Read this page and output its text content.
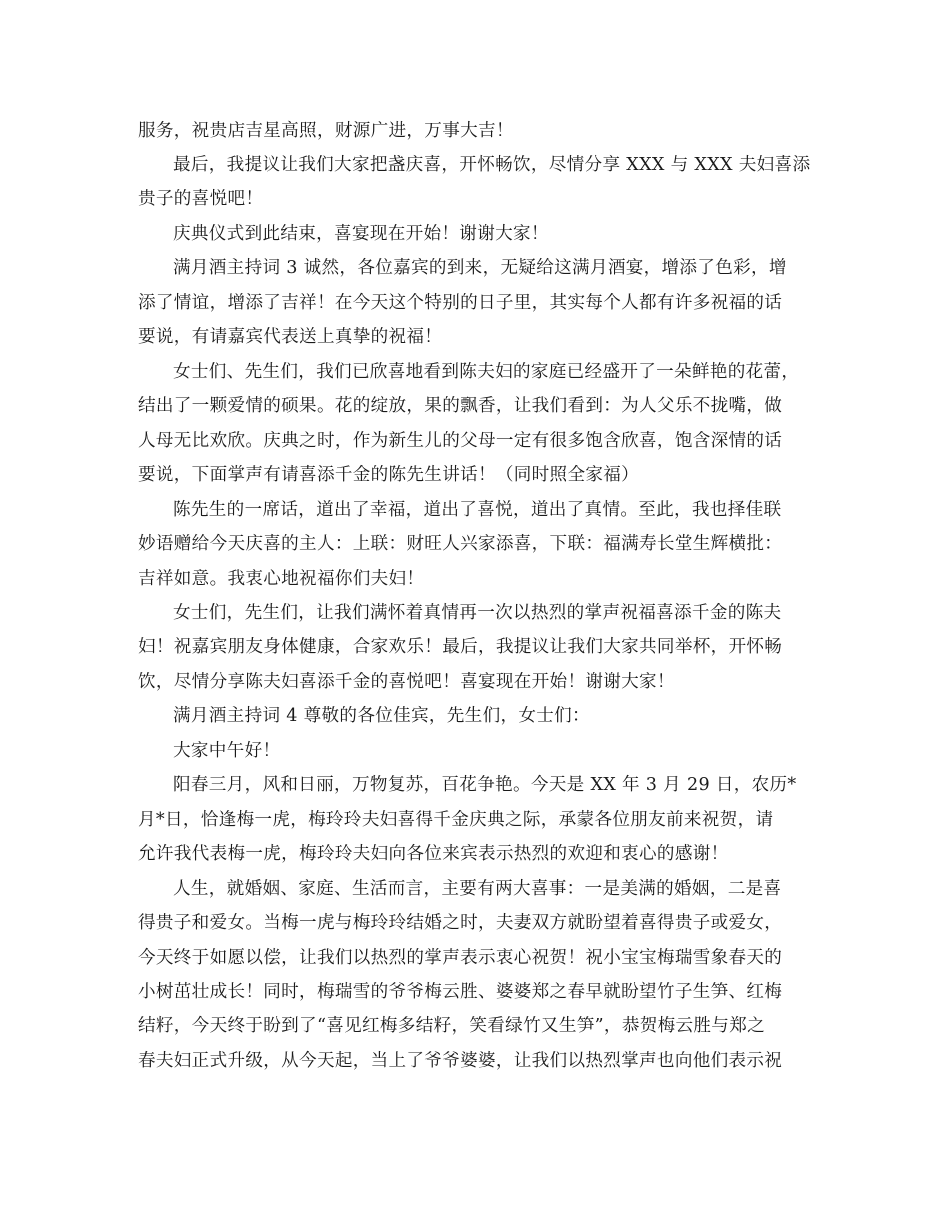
服务，祝贵店吉星高照，财源广进，万事大吉！
最后，我提议让我们大家把盏庆喜，开怀畅饮，尽情分享 XXX 与 XXX 夫妇喜添
贵子的喜悦吧！
庆典仪式到此结束，喜宴现在开始！谢谢大家！
满月酒主持词 3 诚然，各位嘉宾的到来，无疑给这满月酒宴，增添了色彩，增
添了情谊，增添了吉祥！在今天这个特别的日子里，其实每个人都有许多祝福的话
要说，有请嘉宾代表送上真挚的祝福！
女士们、先生们，我们已欣喜地看到陈夫妇的家庭已经盛开了一朵鲜艳的花蕾，
结出了一颗爱情的硕果。花的绽放，果的飘香，让我们看到：为人父乐不拢嘴，做
人母无比欢欣。庆典之时，作为新生儿的父母一定有很多饱含欣喜，饱含深情的话
要说，下面掌声有请喜添千金的陈先生讲话！（同时照全家福）
陈先生的一席话，道出了幸福，道出了喜悦，道出了真情。至此，我也择佳联
妙语赠给今天庆喜的主人：上联：财旺人兴家添喜，下联：福满寿长堂生辉横批：
吉祥如意。我衷心地祝福你们夫妇！
女士们，先生们，让我们满怀着真情再一次以热烈的掌声祝福喜添千金的陈夫
妇！祝嘉宾朋友身体健康，合家欢乐！最后，我提议让我们大家共同举杯，开怀畅
饮，尽情分享陈夫妇喜添千金的喜悦吧！喜宴现在开始！谢谢大家！
满月酒主持词 4 尊敬的各位佳宾，先生们，女士们：
大家中午好！
阳春三月，风和日丽，万物复苏，百花争艳。今天是 XX 年 3 月 29 日，农历*
月*日，恰逢梅一虎，梅玲玲夫妇喜得千金庆典之际，承蒙各位朋友前来祝贺，请
允许我代表梅一虎，梅玲玲夫妇向各位来宾表示热烈的欢迎和衷心的感谢！
人生，就婚姻、家庭、生活而言，主要有两大喜事：一是美满的婚姻，二是喜
得贵子和爱女。当梅一虎与梅玲玲结婚之时，夫妻双方就盼望着喜得贵子或爱女，
今天终于如愿以偿，让我们以热烈的掌声表示衷心祝贺！祝小宝宝梅瑞雪象春天的
小树茁壮成长！同时，梅瑞雪的爷爷梅云胜、婆婆郑之春早就盼望竹子生笋、红梅
结籽，今天终于盼到了“喜见红梅多结籽，笑看绿竹又生笋”，恭贺梅云胜与郑之
春夫妇正式升级，从今天起，当上了爷爷婆婆，让我们以热烈掌声也向他们表示祝
